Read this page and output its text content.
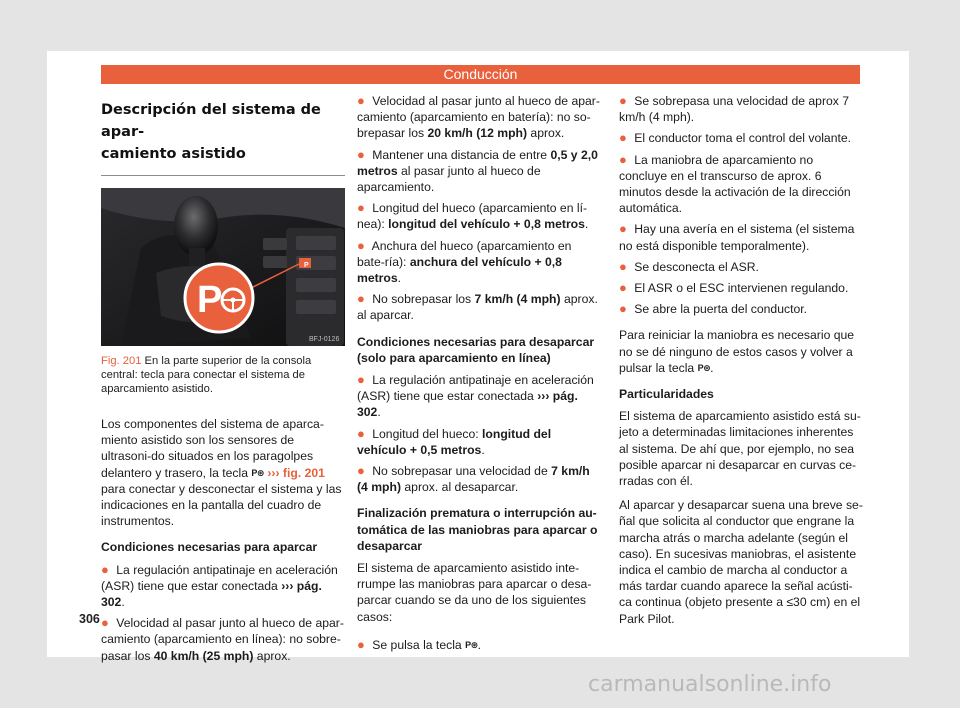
Conducción
Descripción del sistema de apar-
camiento asistido
P
P
BFJ-0126
Fig. 201 En la parte superior de la consola central: tecla para conectar el sistema de aparcamiento asistido.

Los componentes del sistema de aparca-miento asistido son los sensores de ultrasoni-do situados en los paragolpes delantero y trasero, la tecla P⊛ ››› fig. 201 para conectar y desconectar el sistema y las indicaciones en la pantalla del cuadro de instrumentos.

Condiciones necesarias para aparcar
● La regulación antipatinaje en aceleración (ASR) tiene que estar conectada ››› pág. 302.
● Velocidad al pasar junto al hueco de apar-camiento (aparcamiento en línea): no sobre-pasar los 40 km/h (25 mph) aprox.
● Velocidad al pasar junto al hueco de apar-camiento (aparcamiento en batería): no so-brepasar los 20 km/h (12 mph) aprox.
● Mantener una distancia de entre 0,5 y 2,0 metros al pasar junto al hueco de aparcamiento.
● Longitud del hueco (aparcamiento en lí-nea): longitud del vehículo + 0,8 metros.
● Anchura del hueco (aparcamiento en bate-ría): anchura del vehículo + 0,8 metros.
● No sobrepasar los 7 km/h (4 mph) aprox. al aparcar.
Condiciones necesarias para desaparcar (solo para aparcamiento en línea)
● La regulación antipatinaje en aceleración (ASR) tiene que estar conectada ››› pág. 302.
● Longitud del hueco: longitud del vehículo + 0,5 metros.
● No sobrepasar una velocidad de 7 km/h (4 mph) aprox. al desaparcar.
Finalización prematura o interrupción au-tomática de las maniobras para aparcar o desaparcar

El sistema de aparcamiento asistido inte-rrumpe las maniobras para aparcar o desa-parcar cuando se da uno de los siguientes casos:

● Se pulsa la tecla P⊛.
● Se sobrepasa una velocidad de aprox 7 km/h (4 mph).
● El conductor toma el control del volante.
● La maniobra de aparcamiento no concluye en el transcurso de aprox. 6 minutos desde la activación de la dirección automática.
● Hay una avería en el sistema (el sistema no está disponible temporalmente).
● Se desconecta el ASR.
● El ASR o el ESC intervienen regulando.
● Se abre la puerta del conductor.

Para reiniciar la maniobra es necesario que no se dé ninguno de estos casos y volver a pulsar la tecla P⊛.

Particularidades

El sistema de aparcamiento asistido está su-jeto a determinadas limitaciones inherentes al sistema. De ahí que, por ejemplo, no sea posible aparcar ni desaparcar en curvas ce-rradas con él.

Al aparcar y desaparcar suena una breve se-ñal que solicita al conductor que engrane la marcha atrás o marcha adelante (según el caso). En sucesivas maniobras, el asistente indica el cambio de marcha al conductor a más tardar cuando aparece la señal acústi-ca continua (objeto presente a ≤30 cm) en el Park Pilot.

306
carmanualsonline.info
